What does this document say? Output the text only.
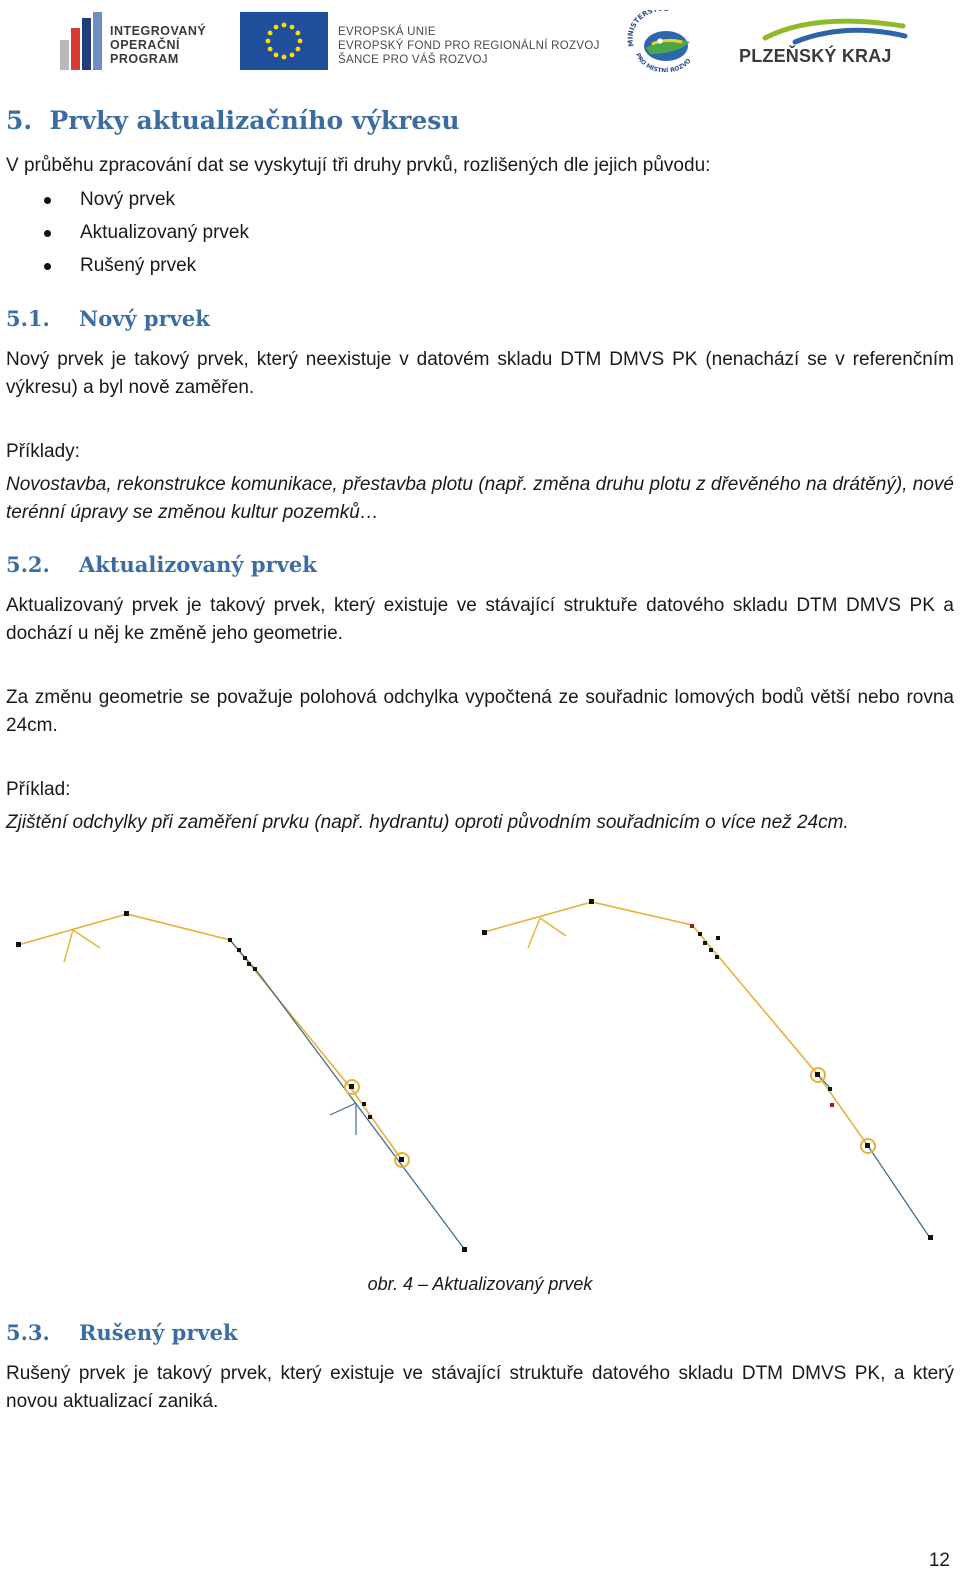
INTEGROVANÝ
OPERAČNÍ
PROGRAM
EVROPSKÁ UNIE
EVROPSKÝ FOND PRO REGIONÁLNÍ ROZVOJ
ŠANCE PRO VÁŠ ROZVOJ
MINISTERS
PRO MÍSTNÍ ROZVO	PLZEŇSKÝ KRAJ
5.  Prvky aktualizačního výkresu
V průběhu zpracování dat se vyskytují tři druhy prvků, rozlišených dle jejich původu:
Nový prvek
Aktualizovaný prvek
Rušený prvek
5.1. Nový prvek
Nový prvek je takový prvek, který neexistuje v datovém skladu DTM DMVS PK (nenachází se v referenčním výkresu) a byl nově zaměřen.
Příklady:
Novostavba, rekonstrukce komunikace, přestavba plotu (např. změna druhu plotu z dřevěného na drátěný), nové terénní úpravy se změnou kultur pozemků…
5.2. Aktualizovaný prvek
Aktualizovaný prvek je takový prvek, který existuje ve stávající struktuře datového skladu DTM DMVS PK a dochází u něj ke změně jeho geometrie.
Za změnu geometrie se považuje polohová odchylka vypočtená ze souřadnic lomových bodů větší nebo rovna 24cm.
Příklad:
Zjištění odchylky při zaměření prvku (např. hydrantu) oproti původním souřadnicím o více než 24cm.
obr. 4 – Aktualizovaný prvek
5.3. Rušený prvek
Rušený prvek je takový prvek, který existuje ve stávající struktuře datového skladu DTM DMVS PK, a který novou aktualizací zaniká.
12
